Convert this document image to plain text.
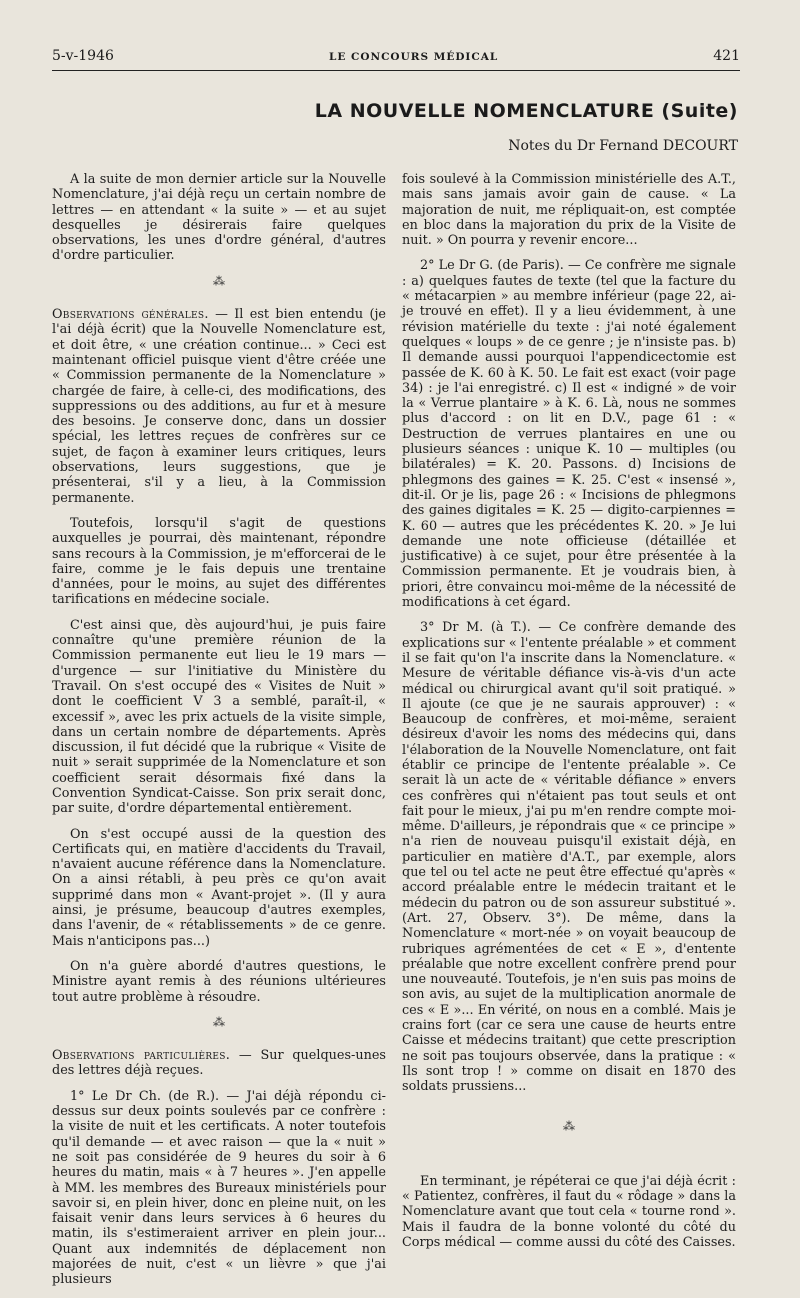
5-v-1946	LE CONCOURS MÉDICAL	421
LA NOUVELLE NOMENCLATURE (Suite)
Notes du Dr Fernand DECOURT

A la suite de mon dernier article sur la Nouvelle Nomenclature, j'ai déjà reçu un certain nombre de lettres — en attendant « la suite » — et au sujet desquelles je désirerais faire quelques observations, les unes d'ordre général, d'autres d'ordre particulier.

⁂

Observations générales. — Il est bien entendu (je l'ai déjà écrit) que la Nouvelle Nomenclature est, et doit être, « une création continue... » Ceci est maintenant officiel puisque vient d'être créée une « Commission permanente de la Nomenclature » chargée de faire, à celle-ci, des modifications, des suppressions ou des additions, au fur et à mesure des besoins. Je conserve donc, dans un dossier spécial, les lettres reçues de confrères sur ce sujet, de façon à examiner leurs critiques, leurs observations, leurs suggestions, que je présenterai, s'il y a lieu, à la Commission permanente.

Toutefois, lorsqu'il s'agit de questions auxquelles je pourrai, dès maintenant, répondre sans recours à la Commission, je m'efforcerai de le faire, comme je le fais depuis une trentaine d'années, pour le moins, au sujet des différentes tarifications en médecine sociale.

C'est ainsi que, dès aujourd'hui, je puis faire connaître qu'une première réunion de la Commission permanente eut lieu le 19 mars — d'urgence — sur l'initiative du Ministère du Travail. On s'est occupé des « Visites de Nuit » dont le coefficient V 3 a semblé, paraît-il, « excessif », avec les prix actuels de la visite simple, dans un certain nombre de départements. Après discussion, il fut décidé que la rubrique « Visite de nuit » serait supprimée de la Nomenclature et son coefficient serait désormais fixé dans la Convention Syndicat-Caisse. Son prix serait donc, par suite, d'ordre départemental entièrement.

On s'est occupé aussi de la question des Certificats qui, en matière d'accidents du Travail, n'avaient aucune référence dans la Nomenclature. On a ainsi rétabli, à peu près ce qu'on avait supprimé dans mon « Avant-projet ». (Il y aura ainsi, je présume, beaucoup d'autres exemples, dans l'avenir, de « rétablissements » de ce genre. Mais n'anticipons pas...)

On n'a guère abordé d'autres questions, le Ministre ayant remis à des réunions ultérieures tout autre problème à résoudre.

⁂

Observations particulières. — Sur quelques-unes des lettres déjà reçues.

1° Le Dr Ch. (de R.). — J'ai déjà répondu ci-dessus sur deux points soulevés par ce confrère : la visite de nuit et les certificats. A noter toutefois qu'il demande — et avec raison — que la « nuit » ne soit pas considérée de 9 heures du soir à 6 heures du matin, mais « à 7 heures ». J'en appelle à MM. les membres des Bureaux ministériels pour savoir si, en plein hiver, donc en pleine nuit, on les faisait venir dans leurs services à 6 heures du matin, ils s'estimeraient arriver en plein jour... Quant aux indemnités de déplacement non majorées de nuit, c'est « un lièvre » que j'ai plusieurs

fois soulevé à la Commission ministérielle des A.T., mais sans jamais avoir gain de cause. « La majoration de nuit, me répliquait-on, est comptée en bloc dans la majoration du prix de la Visite de nuit. » On pourra y revenir encore...

2° Le Dr G. (de Paris). — Ce confrère me signale : a) quelques fautes de texte (tel que la facture du « métacarpien » au membre inférieur (page 22, ai-je trouvé en effet). Il y a lieu évidemment, à une révision matérielle du texte : j'ai noté également quelques « loups » de ce genre ; je n'insiste pas. b) Il demande aussi pourquoi l'appendicectomie est passée de K. 60 à K. 50. Le fait est exact (voir page 34) : je l'ai enregistré. c) Il est « indigné » de voir la « Verrue plantaire » à K. 6. Là, nous ne sommes plus d'accord : on lit en D.V., page 61 : « Destruction de verrues plantaires en une ou plusieurs séances : unique K. 10 — multiples (ou bilatérales) = K. 20. Passons. d) Incisions de phlegmons des gaines = K. 25. C'est « insensé », dit-il. Or je lis, page 26 : « Incisions de phlegmons des gaines digitales = K. 25 — digito-carpiennes = K. 60 — autres que les précédentes K. 20. » Je lui demande une note officieuse (détaillée et justificative) à ce sujet, pour être présentée à la Commission permanente. Et je voudrais bien, à priori, être convaincu moi-même de la nécessité de modifications à cet égard.

3° Dr M. (à T.). — Ce confrère demande des explications sur « l'entente préalable » et comment il se fait qu'on l'a inscrite dans la Nomenclature. « Mesure de véritable défiance vis-à-vis d'un acte médical ou chirurgical avant qu'il soit pratiqué. » Il ajoute (ce que je ne saurais approuver) : « Beaucoup de confrères, et moi-même, seraient désireux d'avoir les noms des médecins qui, dans l'élaboration de la Nouvelle Nomenclature, ont fait établir ce principe de l'entente préalable ». Ce serait là un acte de « véritable défiance » envers ces confrères qui n'étaient pas tout seuls et ont fait pour le mieux, j'ai pu m'en rendre compte moi-même. D'ailleurs, je répondrais que « ce principe » n'a rien de nouveau puisqu'il existait déjà, en particulier en matière d'A.T., par exemple, alors que tel ou tel acte ne peut être effectué qu'après « accord préalable entre le médecin traitant et le médecin du patron ou de son assureur substitué ». (Art. 27, Observ. 3°). De même, dans la Nomenclature « mort-née » on voyait beaucoup de rubriques agrémentées de cet « E », d'entente préalable que notre excellent confrère prend pour une nouveauté. Toutefois, je n'en suis pas moins de son avis, au sujet de la multiplication anormale de ces « E »... En vérité, on nous en a comblé. Mais je crains fort (car ce sera une cause de heurts entre Caisse et médecins traitant) que cette prescription ne soit pas toujours observée, dans la pratique : « Ils sont trop ! » comme on disait en 1870 des soldats prussiens...

⁂

En terminant, je répéterai ce que j'ai déjà écrit : « Patientez, confrères, il faut du « rôdage » dans la Nomenclature avant que tout cela « tourne rond ». Mais il faudra de la bonne volonté du côté du Corps médical — comme aussi du côté des Caisses.
